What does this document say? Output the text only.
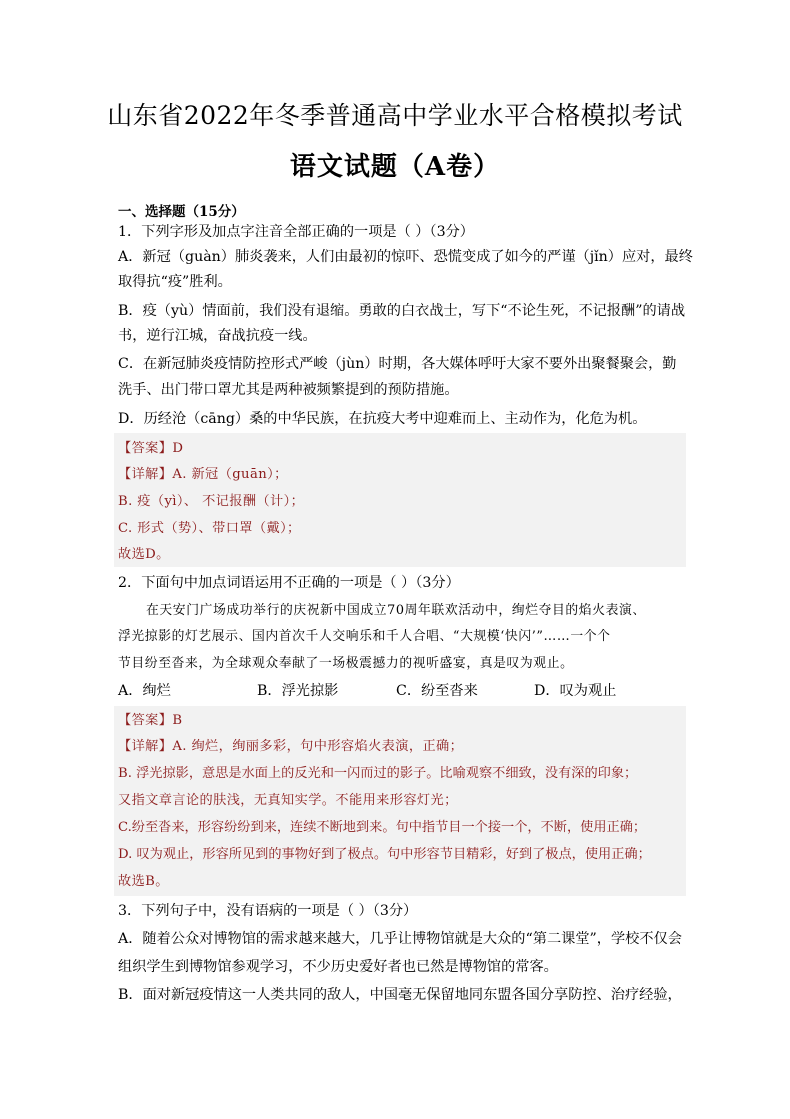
山东省2022年冬季普通高中学业水平合格模拟考试
语文试题（A卷）
一、选择题（15分）
1．下列字形及加点字注音全部正确的一项是（ ）（3分）
A．新冠（guàn）肺炎袭来，人们由最初的惊吓、恐慌变成了如今的严谨（jǐn）应对，最终
取得抗“疫”胜利。
B．疫（yù）情面前，我们没有退缩。勇敢的白衣战士，写下“不论生死，不记报酬”的请战
书，逆行江城，奋战抗疫一线。
C．在新冠肺炎疫情防控形式严峻（jùn）时期，各大媒体呼吁大家不要外出聚餐聚会，勤
洗手、出门带口罩尤其是两种被频繁提到的预防措施。
D．历经沧（cāng）桑的中华民族，在抗疫大考中迎难而上、主动作为，化危为机。
【答案】D
【详解】A. 新冠（guān）；
B. 疫（yì）、 不记报酬（计）；
C. 形式（势）、带口罩（戴）；
故选D。
2．下面句中加点词语运用不正确的一项是（ ）（3分）
在天安门广场成功举行的庆祝新中国成立70周年联欢活动中，绚烂夺目的焰火表演、
浮光掠影的灯艺展示、国内首次千人交响乐和千人合唱、“大规模‘快闪’”……一个个
节目纷至沓来，为全球观众奉献了一场极震撼力的视听盛宴，真是叹为观止。
A．绚烂	B．浮光掠影	C．纷至沓来	D．叹为观止
【答案】B
【详解】A. 绚烂，绚丽多彩，句中形容焰火表演，正确；
B. 浮光掠影，意思是水面上的反光和一闪而过的影子。比喻观察不细致，没有深的印象；
又指文章言论的肤浅，无真知实学。不能用来形容灯光；
C.纷至沓来，形容纷纷到来，连续不断地到来。句中指节目一个接一个，不断，使用正确；
D. 叹为观止，形容所见到的事物好到了极点。句中形容节目精彩，好到了极点，使用正确；
故选B。
3．下列句子中，没有语病的一项是（ ）（3分）
A．随着公众对博物馆的需求越来越大，几乎让博物馆就是大众的“第二课堂”，学校不仅会
组织学生到博物馆参观学习，不少历史爱好者也已然是博物馆的常客。
B．面对新冠疫情这一人类共同的敌人，中国毫无保留地同东盟各国分享防控、治疗经验，
